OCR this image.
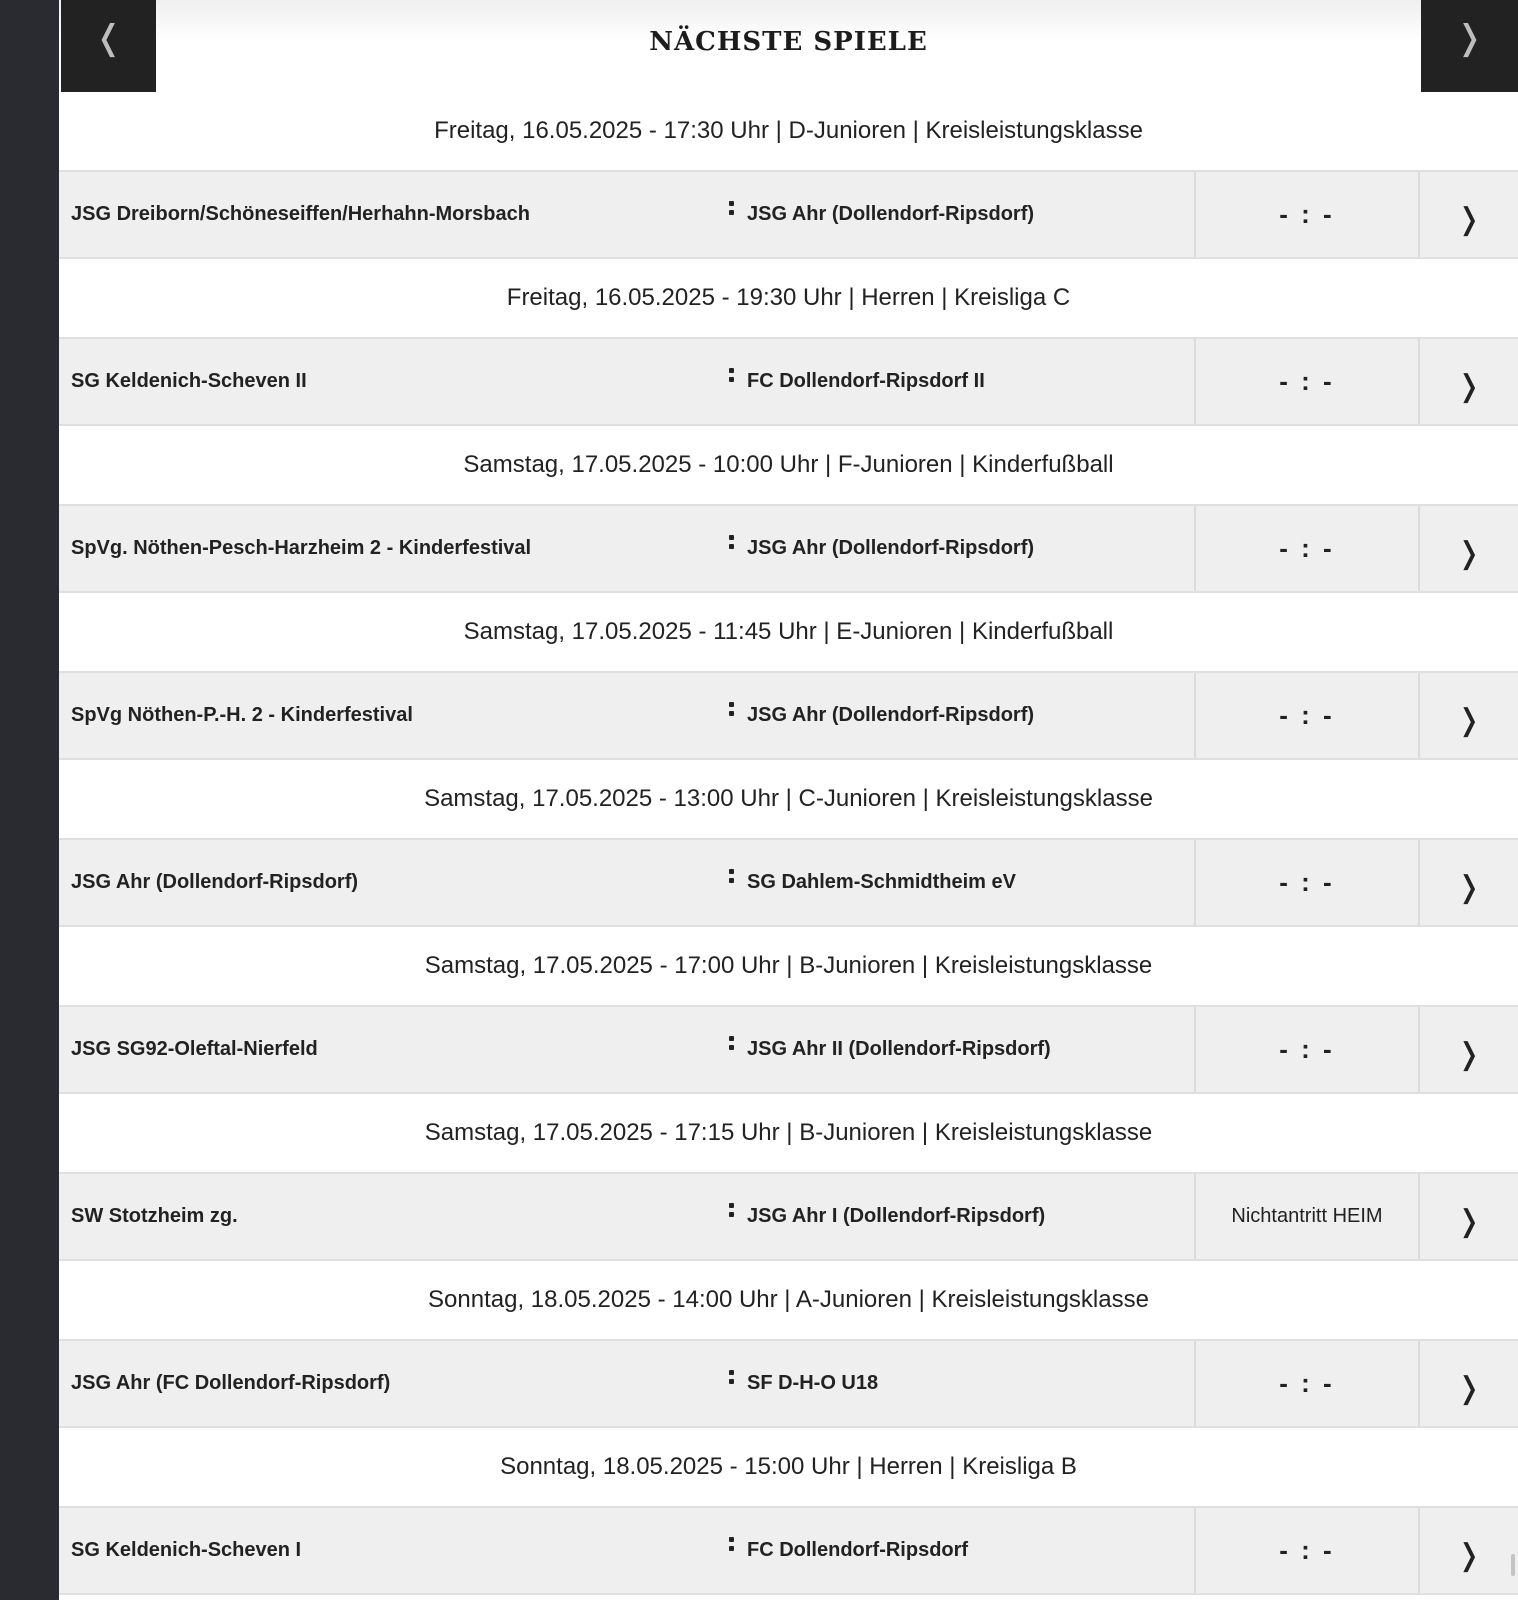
❬	NÄCHSTE SPIELE	❭
Freitag, 16.05.2025 - 17:30 Uhr | D-Junioren | Kreisleistungsklasse
JSG Dreiborn/Schöneseiffen/Herhahn-Morsbach	JSG Ahr (Dollendorf-Ripsdorf)	- : -	❭
Freitag, 16.05.2025 - 19:30 Uhr | Herren | Kreisliga C
SG Keldenich-Scheven II	FC Dollendorf-Ripsdorf II	- : -	❭
Samstag, 17.05.2025 - 10:00 Uhr | F-Junioren | Kinderfußball
SpVg. Nöthen-Pesch-Harzheim 2 - Kinderfestival	JSG Ahr (Dollendorf-Ripsdorf)	- : -	❭
Samstag, 17.05.2025 - 11:45 Uhr | E-Junioren | Kinderfußball
SpVg Nöthen-P.-H. 2 - Kinderfestival	JSG Ahr (Dollendorf-Ripsdorf)	- : -	❭
Samstag, 17.05.2025 - 13:00 Uhr | C-Junioren | Kreisleistungsklasse
JSG Ahr (Dollendorf-Ripsdorf)	SG Dahlem-Schmidtheim eV	- : -	❭
Samstag, 17.05.2025 - 17:00 Uhr | B-Junioren | Kreisleistungsklasse
JSG SG92-Oleftal-Nierfeld	JSG Ahr II (Dollendorf-Ripsdorf)	- : -	❭
Samstag, 17.05.2025 - 17:15 Uhr | B-Junioren | Kreisleistungsklasse
SW Stotzheim zg.	JSG Ahr I (Dollendorf-Ripsdorf)	Nichtantritt HEIM	❭
Sonntag, 18.05.2025 - 14:00 Uhr | A-Junioren | Kreisleistungsklasse
JSG Ahr (FC Dollendorf-Ripsdorf)	SF D-H-O U18	- : -	❭
Sonntag, 18.05.2025 - 15:00 Uhr | Herren | Kreisliga B
SG Keldenich-Scheven I	FC Dollendorf-Ripsdorf	- : -	❭
